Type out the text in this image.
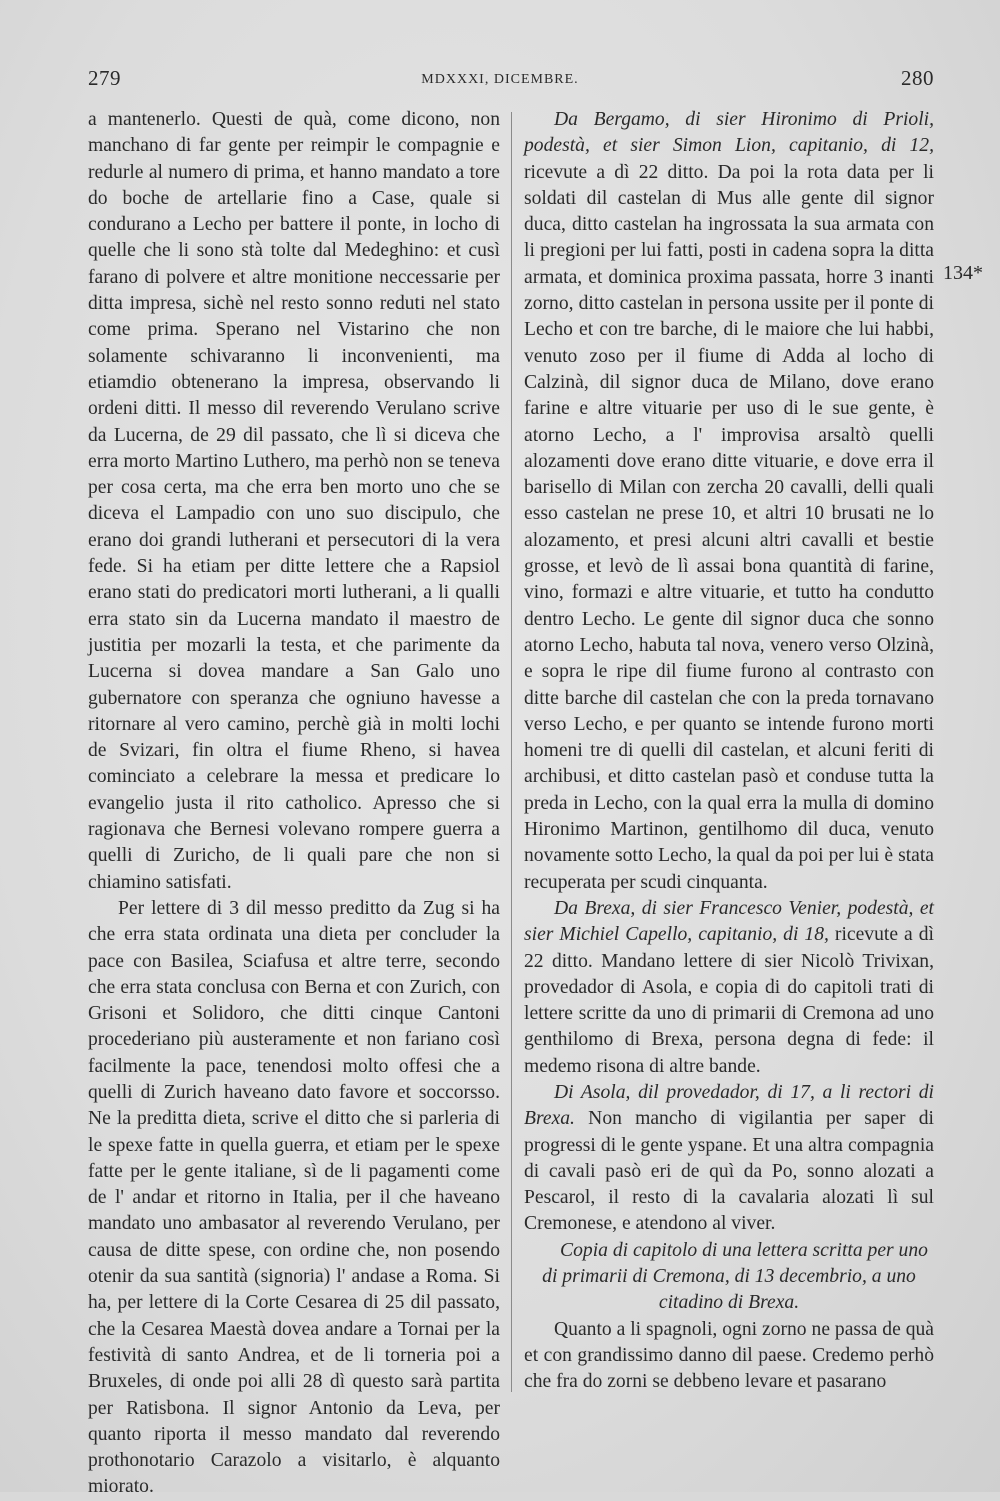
279	MDXXXI, DICEMBRE.	280

a mantenerlo. Questi de quà, come dicono, non manchano di far gente per reimpir le compagnie e redurle al numero di prima, et hanno mandato a tore do boche de artellarie fino a Case, quale si condurano a Lecho per battere il ponte, in locho di quelle che li sono stà tolte dal Medeghino: et cusì farano di polvere et altre monitione neccessarie per ditta impresa, sichè nel resto sonno reduti nel stato come prima. Sperano nel Vistarino che non solamente schivaranno li inconvenienti, ma etiamdio obtenerano la impresa, observando li ordeni ditti. Il messo dil reverendo Verulano scrive da Lucerna, de 29 dil passato, che lì si diceva che erra morto Martino Luthero, ma perhò non se teneva per cosa certa, ma che erra ben morto uno che se diceva el Lampadio con uno suo discipulo, che erano doi grandi lutherani et persecutori di la vera fede. Si ha etiam per ditte lettere che a Rapsiol erano stati do predicatori morti lutherani, a li qualli erra stato sin da Lucerna mandato il maestro de justitia per mozarli la testa, et che parimente da Lucerna si dovea mandare a San Galo uno gubernatore con speranza che ogniuno havesse a ritornare al vero camino, perchè già in molti lochi de Svizari, fin oltra el fiume Rheno, si havea cominciato a celebrare la messa et predicare lo evangelio justa il rito catholico. Apresso che si ragionava che Bernesi volevano rompere guerra a quelli di Zuricho, de li quali pare che non si chiamino satisfati.

Per lettere di 3 dil messo preditto da Zug si ha che erra stata ordinata una dieta per concluder la pace con Basilea, Sciafusa et altre terre, secondo che erra stata conclusa con Berna et con Zurich, con Grisoni et Solidoro, che ditti cinque Cantoni procederiano più austeramente et non fariano così facilmente la pace, tenendosi molto offesi che a quelli di Zurich haveano dato favore et soccorsso. Ne la preditta dieta, scrive el ditto che si parleria di le spexe fatte in quella guerra, et etiam per le spexe fatte per le gente italiane, sì de li pagamenti come de l' andar et ritorno in Italia, per il che haveano mandato uno ambasator al reverendo Verulano, per causa de ditte spese, con ordine che, non posendo otenir da sua santità (signoria) l' andase a Roma. Si ha, per lettere di la Corte Cesarea di 25 dil passato, che la Cesarea Maestà dovea andare a Tornai per la festività di santo Andrea, et de li torneria poi a Bruxeles, di onde poi alli 28 dì questo sarà partita per Ratisbona. Il signor Antonio da Leva, per quanto riporta il messo mandato dal reverendo prothonotario Carazolo a visitarlo, è alquanto miorato.

Da Bergamo, di sier Hironimo di Prioli, podestà, et sier Simon Lion, capitanio, di 12, ricevute a dì 22 ditto. Da poi la rota data per li soldati dil castelan di Mus alle gente dil signor duca, ditto castelan ha ingrossata la sua armata con li pregioni per lui fatti, posti in cadena sopra la ditta armata, et dominica proxima passata, horre 3 inanti zorno, ditto castelan in persona ussite per il ponte di Lecho et con tre barche, di le maiore che lui habbi, venuto zoso per il fiume di Adda al locho di Calzinà, dil signor duca de Milano, dove erano farine e altre vituarie per uso di le sue gente, è atorno Lecho, a l' improvisa arsaltò quelli alozamenti dove erano ditte vituarie, e dove erra il barisello di Milan con zercha 20 cavalli, delli quali esso castelan ne prese 10, et altri 10 brusati ne lo alozamento, et presi alcuni altri cavalli et bestie grosse, et levò de lì assai bona quantità di farine, vino, formazi e altre vituarie, et tutto ha condutto dentro Lecho. Le gente dil signor duca che sonno atorno Lecho, habuta tal nova, venero verso Olzinà, e sopra le ripe dil fiume furono al contrasto con ditte barche dil castelan che con la preda tornavano verso Lecho, e per quanto se intende furono morti homeni tre di quelli dil castelan, et alcuni feriti di archibusi, et ditto castelan pasò et conduse tutta la preda in Lecho, con la qual erra la mulla di domino Hironimo Martinon, gentilhomo dil duca, venuto novamente sotto Lecho, la qual da poi per lui è stata recuperata per scudi cinquanta.

Da Brexa, di sier Francesco Venier, podestà, et sier Michiel Capello, capitanio, di 18, ricevute a dì 22 ditto. Mandano lettere di sier Nicolò Trivixan, provedador di Asola, e copia di do capitoli trati di lettere scritte da uno di primarii di Cremona ad uno genthilomo di Brexa, persona degna di fede: il medemo risona di altre bande.

Di Asola, dil provedador, di 17, a li rectori di Brexa. Non mancho di vigilantia per saper di progressi di le gente yspane. Et una altra compagnia di cavali pasò eri de quì da Po, sonno alozati a Pescarol, il resto di la cavalaria alozati lì sul Cremonese, e atendono al viver.

Copia di capitolo di una lettera scritta per uno di primarii di Cremona, di 13 decembrio, a uno citadino di Brexa.

Quanto a li spagnoli, ogni zorno ne passa de quà et con grandissimo danno dil paese. Credemo perhò che fra do zorni se debbeno levare et pasarano

134*
